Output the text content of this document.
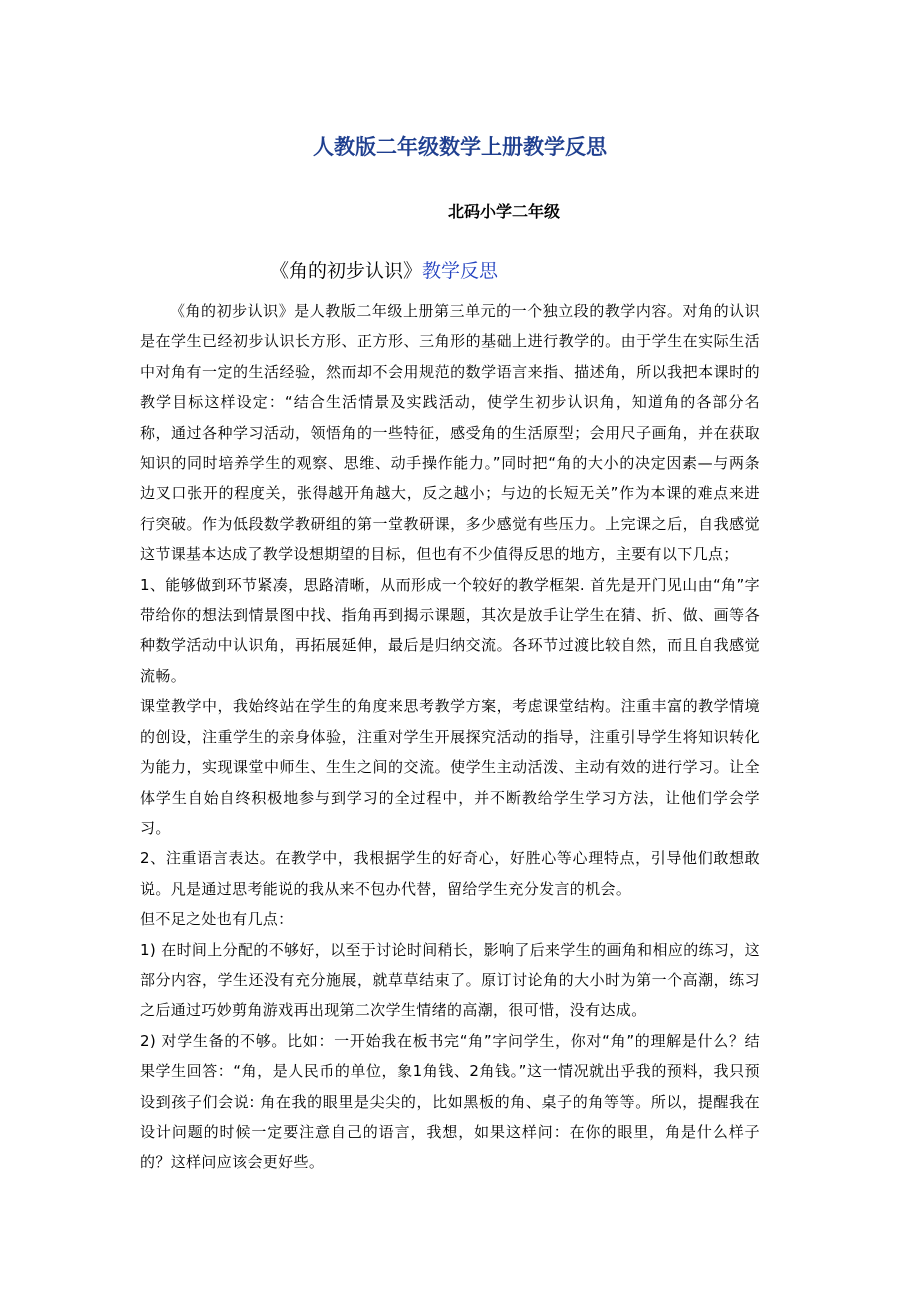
人教版二年级数学上册教学反思
北码小学二年级
《角的初步认识》教学反思

《角的初步认识》是人教版二年级上册第三单元的一个独立段的教学内容。对角的认识是在学生已经初步认识长方形、正方形、三角形的基础上进行教学的。由于学生在实际生活中对角有一定的生活经验，然而却不会用规范的数学语言来指、描述角，所以我把本课时的教学目标这样设定：“结合生活情景及实践活动，使学生初步认识角，知道角的各部分名称，通过各种学习活动，领悟角的一些特征，感受角的生活原型；会用尺子画角，并在获取知识的同时培养学生的观察、思维、动手操作能力。”同时把“角的大小的决定因素—与两条边叉口张开的程度关，张得越开角越大，反之越小；与边的长短无关”作为本课的难点来进行突破。作为低段数学教研组的第一堂教研课，多少感觉有些压力。上完课之后，自我感觉这节课基本达成了教学设想期望的目标，但也有不少值得反思的地方，主要有以下几点；

1、能够做到环节紧凑，思路清晰，从而形成一个较好的教学框架. 首先是开门见山由“角”字带给你的想法到情景图中找、指角再到揭示课题，其次是放手让学生在猜、折、做、画等各种数学活动中认识角，再拓展延伸，最后是归纳交流。各环节过渡比较自然，而且自我感觉流畅。

课堂教学中，我始终站在学生的角度来思考教学方案，考虑课堂结构。注重丰富的教学情境的创设，注重学生的亲身体验，注重对学生开展探究活动的指导，注重引导学生将知识转化为能力，实现课堂中师生、生生之间的交流。使学生主动活泼、主动有效的进行学习。让全体学生自始自终积极地参与到学习的全过程中，并不断教给学生学习方法，让他们学会学习。

2、注重语言表达。在教学中，我根据学生的好奇心，好胜心等心理特点，引导他们敢想敢说。凡是通过思考能说的我从来不包办代替，留给学生充分发言的机会。

但不足之处也有几点：

1) 在时间上分配的不够好，以至于讨论时间稍长，影响了后来学生的画角和相应的练习，这部分内容，学生还没有充分施展，就草草结束了。原订讨论角的大小时为第一个高潮，练习之后通过巧妙剪角游戏再出现第二次学生情绪的高潮，很可惜，没有达成。

2) 对学生备的不够。比如：一开始我在板书完“角”字问学生，你对“角”的理解是什么？结果学生回答：“角，是人民币的单位，象1角钱、2角钱。”这一情况就出乎我的预料，我只预设到孩子们会说: 角在我的眼里是尖尖的，比如黑板的角、桌子的角等等。所以，提醒我在设计问题的时候一定要注意自己的语言，我想，如果这样问：在你的眼里，角是什么样子的？这样问应该会更好些。
